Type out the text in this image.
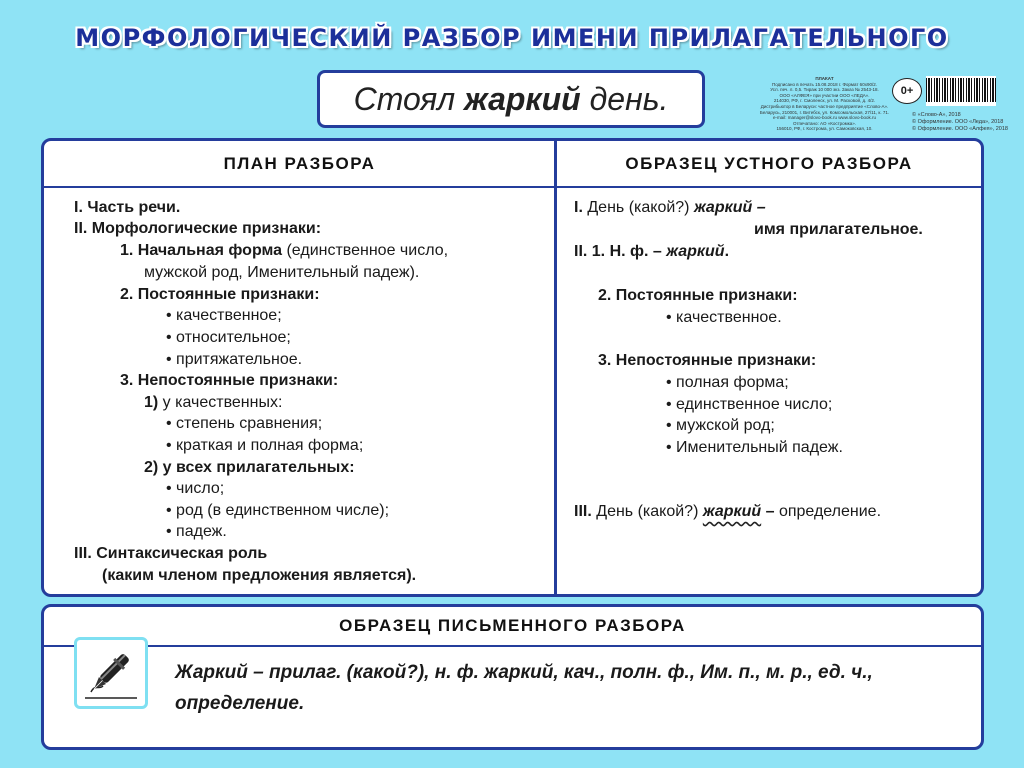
МОРФОЛОГИЧЕСКИЙ РАЗБОР ИМЕНИ ПРИЛАГАТЕЛЬНОГО
Стоял жаркий день.
ПЛАКАТ
Подписано в печать 15.08.2018 г. Формат 60x90/2.
Усл. печ. л. 0,5. Тираж 10 000 экз. Заказ № 2543-18.
ООО «АЛФЕЯ» при участии ООО «ЛЕДА».
214030, РФ, г. Смоленск, ул. М. Расковой, д. 4/2.
Дистрибьютор в Беларуси: частное предприятие «Слово-А».
Беларусь, 210001, г. Витебск, ул. Комсомольская, 27/11, к. 71.
e-mail: manager@slovo-book.ru www.slovo-book.ru
Отпечатано: АО «Костромка».
156010, РФ, г. Кострома, ул. Самоковская, 10.
0+
© «Слово-А», 2018
© Оформление. ООО «Леда», 2018
© Оформление. ООО «Алфея», 2018
ПЛАН РАЗБОРА	ОБРАЗЕЦ УСТНОГО РАЗБОРА
I. Часть речи.
II. Морфологические признаки:
1. Начальная форма (единственное число,
мужской род, Именительный падеж).
2. Постоянные признаки:
• качественное;
• относительное;
• притяжательное.
3. Непостоянные признаки:
1) у качественных:
• степень сравнения;
• краткая и полная форма;
2) у всех прилагательных:
• число;
• род (в единственном числе);
• падеж.
III. Синтаксическая роль
(каким членом предложения является).
I. День (какой?) жаркий –
имя прилагательное.
II. 1. Н. ф. – жаркий.
2. Постоянные признаки:
• качественное.
3. Непостоянные признаки:
• полная форма;
• единственное число;
• мужской род;
• Именительный падеж.
III. День (какой?) жаркий – определение.
ОБРАЗЕЦ ПИСЬМЕННОГО РАЗБОРА
Жаркий – прилаг. (какой?), н. ф. жаркий, кач., полн. ф., Им. п., м. р., ед. ч., определение.
